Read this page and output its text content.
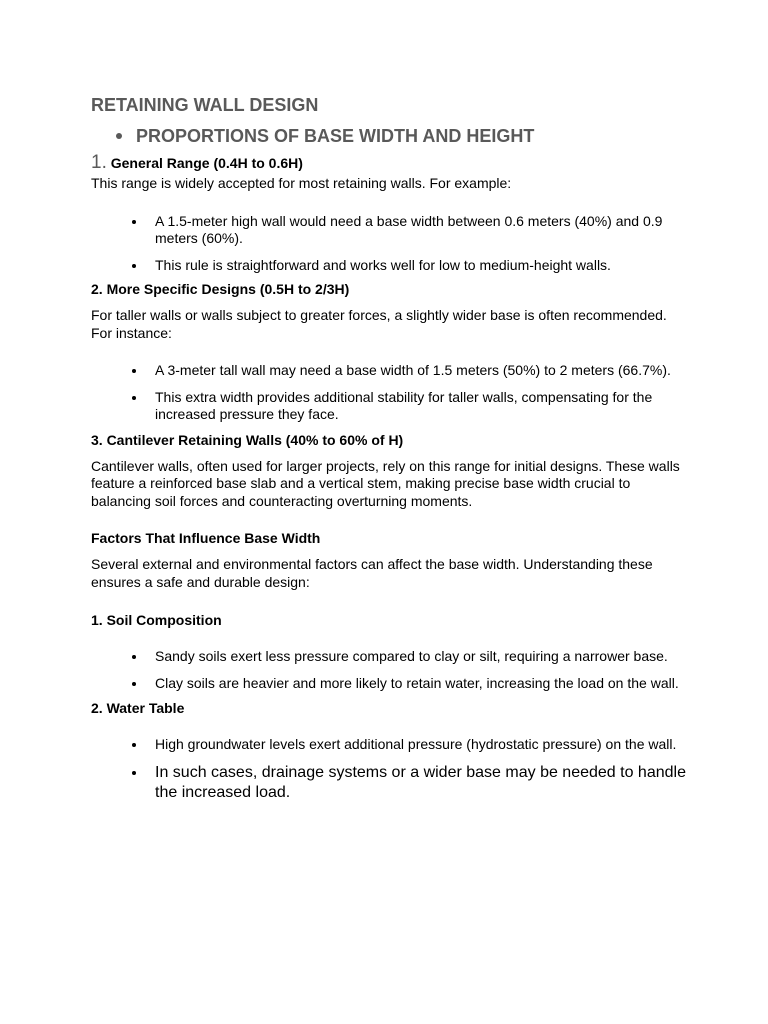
RETAINING WALL DESIGN
PROPORTIONS OF BASE WIDTH AND HEIGHT
1. General Range (0.4H to 0.6H)

This range is widely accepted for most retaining walls. For example:

A 1.5-meter high wall would need a base width between 0.6 meters (40%) and 0.9 meters (60%).
This rule is straightforward and works well for low to medium-height walls.
2. More Specific Designs (0.5H to 2/3H)

For taller walls or walls subject to greater forces, a slightly wider base is often recommended. For instance:

A 3-meter tall wall may need a base width of 1.5 meters (50%) to 2 meters (66.7%).
This extra width provides additional stability for taller walls, compensating for the increased pressure they face.
3. Cantilever Retaining Walls (40% to 60% of H)

Cantilever walls, often used for larger projects, rely on this range for initial designs. These walls feature a reinforced base slab and a vertical stem, making precise base width crucial to balancing soil forces and counteracting overturning moments.

Factors That Influence Base Width

Several external and environmental factors can affect the base width. Understanding these ensures a safe and durable design:

1. Soil Composition
Sandy soils exert less pressure compared to clay or silt, requiring a narrower base.
Clay soils are heavier and more likely to retain water, increasing the load on the wall.
2. Water Table
High groundwater levels exert additional pressure (hydrostatic pressure) on the wall.
In such cases, drainage systems or a wider base may be needed to handle the increased load.
